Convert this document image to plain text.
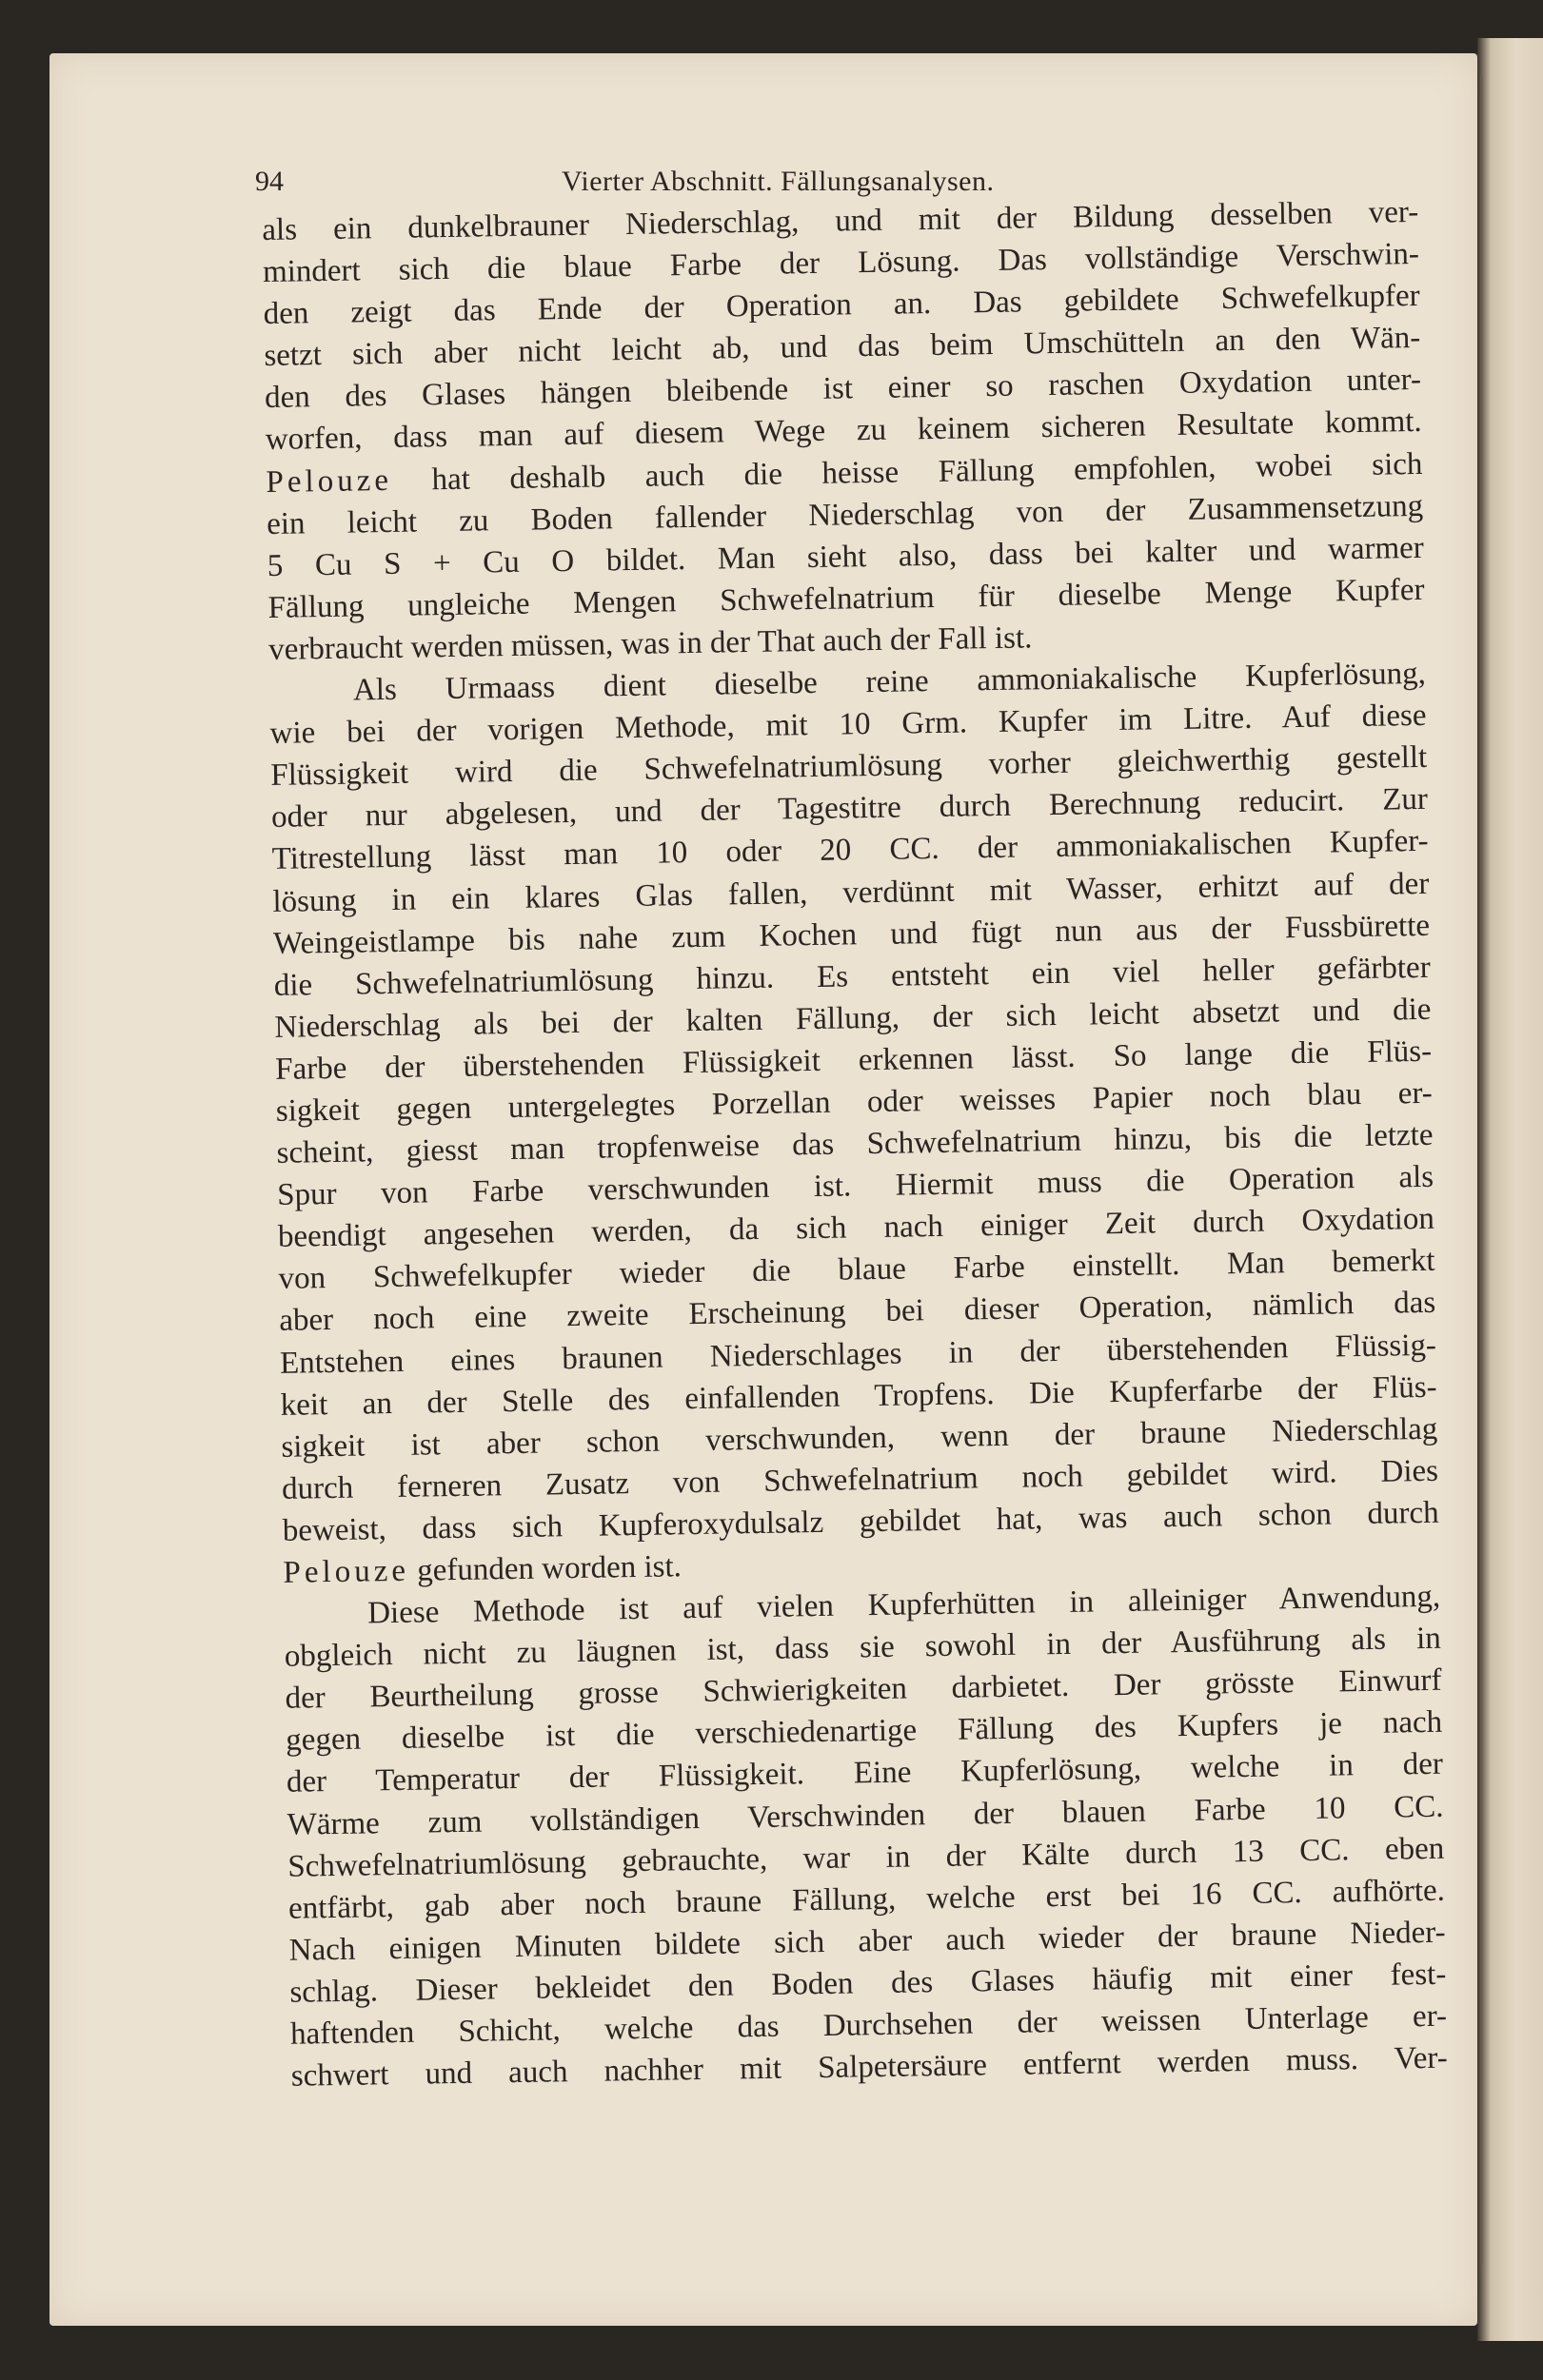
94	Vierter Abschnitt. Fällungsanalysen.
als ein dunkelbrauner Niederschlag, und mit der Bildung desselben ver-
mindert sich die blaue Farbe der Lösung. Das vollständige Verschwin-
den zeigt das Ende der Operation an. Das gebildete Schwefelkupfer
setzt sich aber nicht leicht ab, und das beim Umschütteln an den Wän-
den des Glases hängen bleibende ist einer so raschen Oxydation unter-
worfen, dass man auf diesem Wege zu keinem sicheren Resultate kommt.
Pelouze hat deshalb auch die heisse Fällung empfohlen, wobei sich
ein leicht zu Boden fallender Niederschlag von der Zusammensetzung
5 Cu S + Cu O bildet. Man sieht also, dass bei kalter und warmer
Fällung ungleiche Mengen Schwefelnatrium für dieselbe Menge Kupfer
verbraucht werden müssen, was in der That auch der Fall ist.
Als Urmaass dient dieselbe reine ammoniakalische Kupferlösung,
wie bei der vorigen Methode, mit 10 Grm. Kupfer im Litre. Auf diese
Flüssigkeit wird die Schwefelnatriumlösung vorher gleichwerthig gestellt
oder nur abgelesen, und der Tagestitre durch Berechnung reducirt. Zur
Titrestellung lässt man 10 oder 20 CC. der ammoniakalischen Kupfer-
lösung in ein klares Glas fallen, verdünnt mit Wasser, erhitzt auf der
Weingeistlampe bis nahe zum Kochen und fügt nun aus der Fussbürette
die Schwefelnatriumlösung hinzu. Es entsteht ein viel heller gefärbter
Niederschlag als bei der kalten Fällung, der sich leicht absetzt und die
Farbe der überstehenden Flüssigkeit erkennen lässt. So lange die Flüs-
sigkeit gegen untergelegtes Porzellan oder weisses Papier noch blau er-
scheint, giesst man tropfenweise das Schwefelnatrium hinzu, bis die letzte
Spur von Farbe verschwunden ist. Hiermit muss die Operation als
beendigt angesehen werden, da sich nach einiger Zeit durch Oxydation
von Schwefelkupfer wieder die blaue Farbe einstellt. Man bemerkt
aber noch eine zweite Erscheinung bei dieser Operation, nämlich das
Entstehen eines braunen Niederschlages in der überstehenden Flüssig-
keit an der Stelle des einfallenden Tropfens. Die Kupferfarbe der Flüs-
sigkeit ist aber schon verschwunden, wenn der braune Niederschlag
durch ferneren Zusatz von Schwefelnatrium noch gebildet wird. Dies
beweist, dass sich Kupferoxydulsalz gebildet hat, was auch schon durch
Pelouze gefunden worden ist.
Diese Methode ist auf vielen Kupferhütten in alleiniger Anwendung,
obgleich nicht zu läugnen ist, dass sie sowohl in der Ausführung als in
der Beurtheilung grosse Schwierigkeiten darbietet. Der grösste Einwurf
gegen dieselbe ist die verschiedenartige Fällung des Kupfers je nach
der Temperatur der Flüssigkeit. Eine Kupferlösung, welche in der
Wärme zum vollständigen Verschwinden der blauen Farbe 10 CC.
Schwefelnatriumlösung gebrauchte, war in der Kälte durch 13 CC. eben
entfärbt, gab aber noch braune Fällung, welche erst bei 16 CC. aufhörte.
Nach einigen Minuten bildete sich aber auch wieder der braune Nieder-
schlag. Dieser bekleidet den Boden des Glases häufig mit einer fest-
haftenden Schicht, welche das Durchsehen der weissen Unterlage er-
schwert und auch nachher mit Salpetersäure entfernt werden muss. Ver-
